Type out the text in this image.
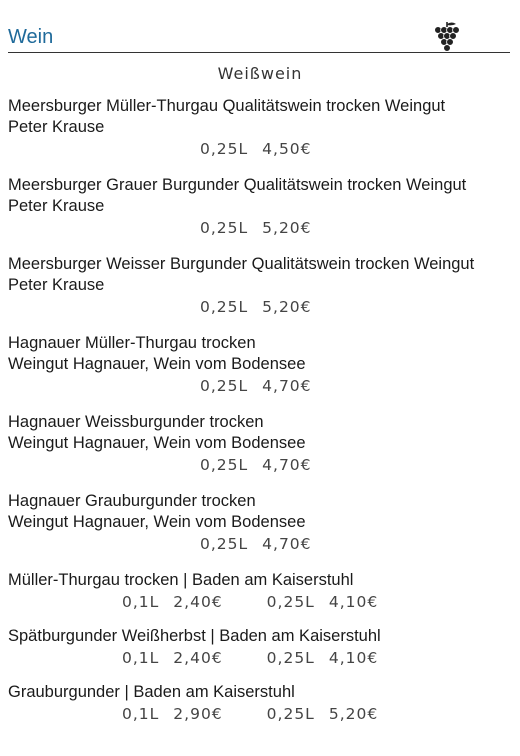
Wein
Weißwein
Meersburger Müller-Thurgau Qualitätswein trocken Weingut
Peter Krause
0,25L 4,50€
Meersburger Grauer Burgunder Qualitätswein trocken Weingut
Peter Krause
0,25L 5,20€
Meersburger Weisser Burgunder Qualitätswein trocken Weingut
Peter Krause
0,25L 5,20€
Hagnauer Müller-Thurgau trocken
Weingut Hagnauer, Wein vom Bodensee
0,25L 4,70€
Hagnauer Weissburgunder trocken
Weingut Hagnauer, Wein vom Bodensee
0,25L 4,70€
Hagnauer Grauburgunder trocken
Weingut Hagnauer, Wein vom Bodensee
0,25L 4,70€
Müller-Thurgau trocken | Baden am Kaiserstuhl
0,1L 2,40€	0,25L 4,10€
Spätburgunder Weißherbst | Baden am Kaiserstuhl
0,1L 2,40€	0,25L 4,10€
Grauburgunder | Baden am Kaiserstuhl
0,1L 2,90€	0,25L 5,20€
